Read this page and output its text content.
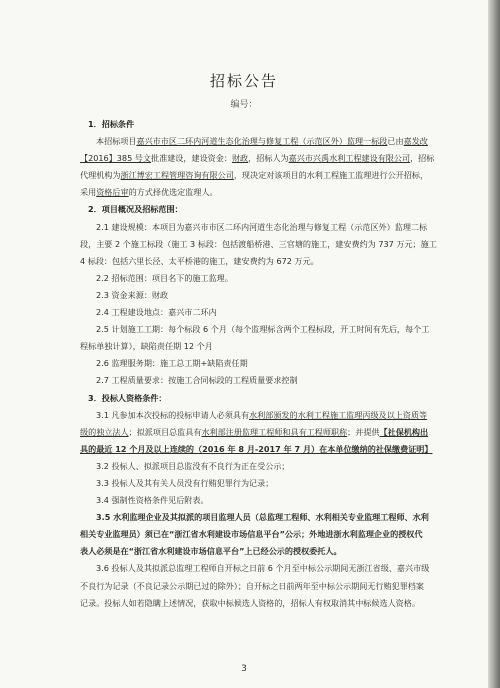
招标公告
编号：

1．招标条件

本招标项目嘉兴市市区二环内河道生态化治理与修复工程（示范区外）监理一标段已由嘉发改

【2016】385 号文批准建设，建设资金：财政，招标人为嘉兴市兴禹水利工程建设有限公司，招标

代理机构为浙江博宏工程管理咨询有限公司，现决定对该项目的水利工程施工监理进行公开招标，

采用资格后审的方式择优选定监理人。

2．项目概况及招标范围：

2.1 建设规模：本项目为嘉兴市市区二环内河道生态化治理与修复工程（示范区外）监理二标

段，主要 2 个施工标段（施工 3 标段：包括渡船桥港、三官塘的施工，建安费约为 737 万元；施工

4 标段：包括六里长泾、太平桥港的施工，建安费约为 672 万元。

2.2 招标范围：项目名下的施工监理。

2.3 资金来源：财政

2.4 工程建设地点：嘉兴市二环内

2.5 计划施工工期：每个标段 6 个月（每个监理标含两个工程标段，开工时间有先后，每个工

程标单独计算），缺陷责任期 12 个月

2.6 监理服务期：施工总工期+缺陷责任期

2.7 工程质量要求：按施工合同标段的工程质量要求控制

3．投标人资格条件：

3.1 凡参加本次投标的投标申请人必须具有水利部颁发的水利工程施工监理丙级及以上资质等

级的独立法人；拟派项目总监具有水利部注册监理工程师和具有工程师职称；并提供【社保机构出

具的最近 12 个月及以上连续的（2016 年 8 月-2017 年 7 月）在本单位缴纳的社保缴费证明】

3.2 投标人、拟派项目总监没有不良行为正在受公示；

3.3 投标人及其有关人员没有行贿犯罪行为记录；

3.4 强制性资格条件见后附表。

3.5 水利监理企业及其拟派的项目监理人员（总监理工程师、水利相关专业监理工程师、水利

相关专业监理员）须已在“浙江省水利建设市场信息平台”公示；外地进浙水利监理企业的授权代

表人必须是在“浙江省水利建设市场信息平台”上已经公示的授权委托人。

3.6 投标人及其拟派总监理工程师自开标之日前 6 个月至中标公示期间无浙江省级、嘉兴市级

不良行为记录（不良记录公示期已过的除外）；自开标之日前两年至中标公示期间无行贿犯罪档案

记录。投标人如若隐瞒上述情况，获取中标候选人资格的，招标人有权取消其中标候选人资格。

3
